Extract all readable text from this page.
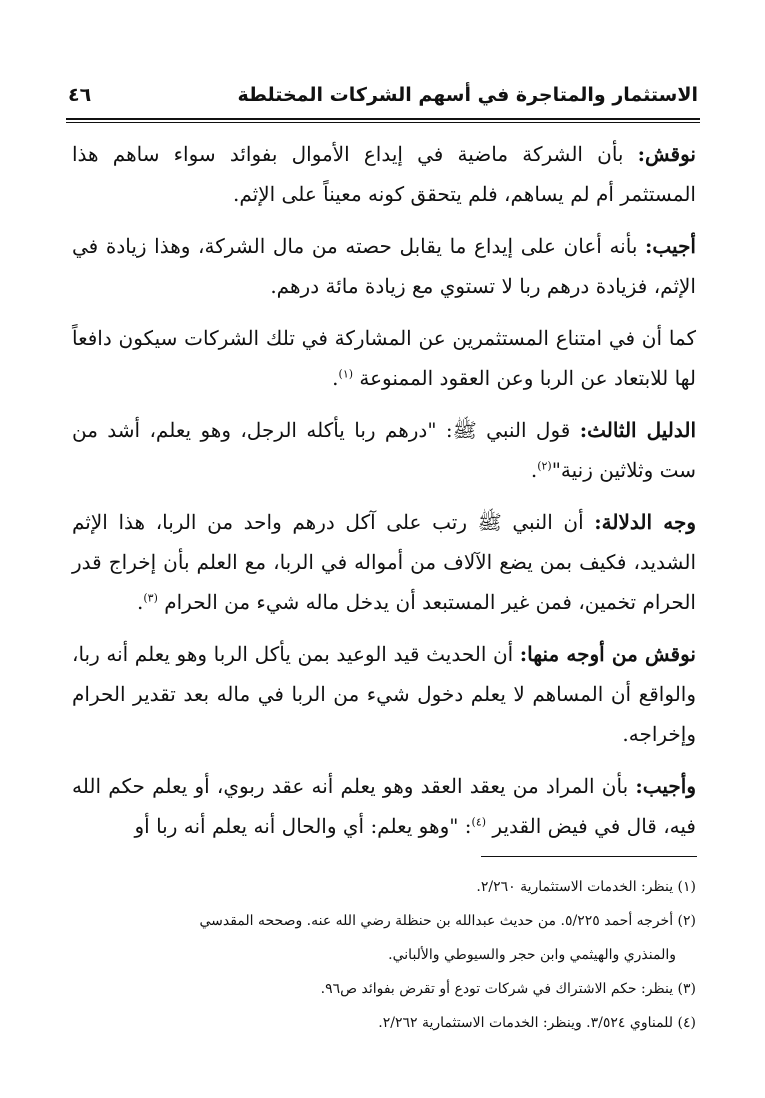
الاستثمار والمتاجرة في أسهم الشركات المختلطة
٤٦

نوقش: بأن الشركة ماضية في إيداع الأموال بفوائد سواء ساهم هذا المستثمر أم لم يساهم، فلم يتحقق كونه معيناً على الإثم.

أجيب: بأنه أعان على إيداع ما يقابل حصته من مال الشركة، وهذا زيادة في الإثم، فزيادة درهم ربا لا تستوي مع زيادة مائة درهم.

كما أن في امتناع المستثمرين عن المشاركة في تلك الشركات سيكون دافعاً لها للابتعاد عن الربا وعن العقود الممنوعة $^{(١)}$.

الدليل الثالث: قول النبي ﷺ: "درهم ربا يأكله الرجل، وهو يعلم، أشد من ست وثلاثين زنية"$^{(٢)}$.

وجه الدلالة: أن النبي ﷺ رتب على آكل درهم واحد من الربا، هذا الإثم الشديد، فكيف بمن يضع الآلاف من أمواله في الربا، مع العلم بأن إخراج قدر الحرام تخمين، فمن غير المستبعد أن يدخل ماله شيء من الحرام $^{(٣)}$.

نوقش من أوجه منها: أن الحديث قيد الوعيد بمن يأكل الربا وهو يعلم أنه ربا، والواقع أن المساهم لا يعلم دخول شيء من الربا في ماله بعد تقدير الحرام وإخراجه.

وأجيب: بأن المراد من يعقد العقد وهو يعلم أنه عقد ربوي، أو يعلم حكم الله فيه، قال في فيض القدير $^{(٤)}$: "وهو يعلم: أي والحال أنه يعلم أنه ربا أو

(١) ينظر: الخدمات الاستثمارية ٢/٢٦٠.
(٢) أخرجه أحمد ٥/٢٢٥. من حديث عبدالله بن حنظلة رضي الله عنه. وصححه المقدسي
والمنذري والهيثمي وابن حجر والسيوطي والألباني.
(٣) ينظر: حكم الاشتراك في شركات تودع أو تقرض بفوائد ص٩٦.
(٤) للمناوي ٣/٥٢٤. وينظر: الخدمات الاستثمارية ٢/٢٦٢.
